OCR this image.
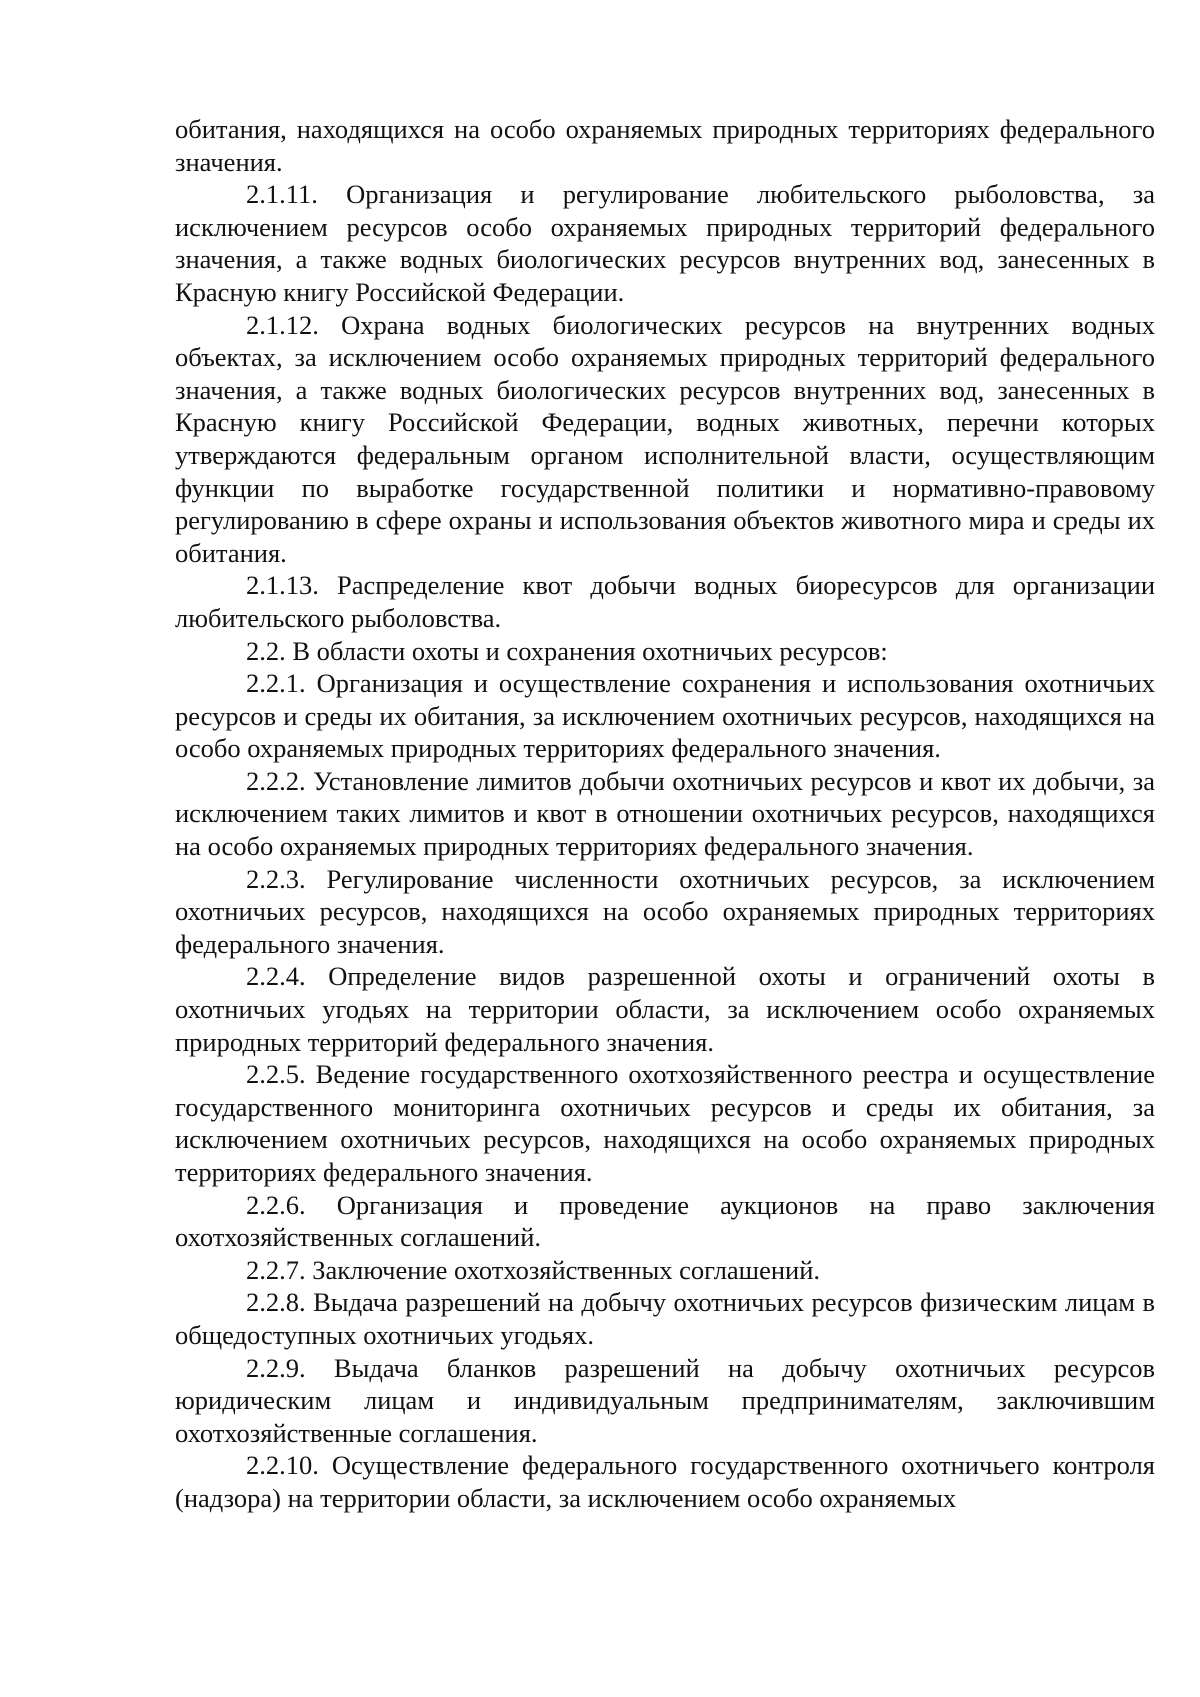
обитания, находящихся на особо охраняемых природных территориях федерального значения.

2.1.11. Организация и регулирование любительского рыболовства, за исключением ресурсов особо охраняемых природных территорий федерального значения, а также водных биологических ресурсов внутренних вод, занесенных в Красную книгу Российской Федерации.

2.1.12. Охрана водных биологических ресурсов на внутренних водных объектах, за исключением особо охраняемых природных территорий федерального значения, а также водных биологических ресурсов внутренних вод, занесенных в Красную книгу Российской Федерации, водных животных, перечни которых утверждаются федеральным органом исполнительной власти, осуществляющим функции по выработке государственной политики и нормативно-правовому регулированию в сфере охраны и использования объектов животного мира и среды их обитания.

2.1.13. Распределение квот добычи водных биоресурсов для организации любительского рыболовства.

2.2. В области охоты и сохранения охотничьих ресурсов:

2.2.1. Организация и осуществление сохранения и использования охотничьих ресурсов и среды их обитания, за исключением охотничьих ресурсов, находящихся на особо охраняемых природных территориях федерального значения.

2.2.2. Установление лимитов добычи охотничьих ресурсов и квот их добычи, за исключением таких лимитов и квот в отношении охотничьих ресурсов, находящихся на особо охраняемых природных территориях федерального значения.

2.2.3. Регулирование численности охотничьих ресурсов, за исключением охотничьих ресурсов, находящихся на особо охраняемых природных территориях федерального значения.

2.2.4. Определение видов разрешенной охоты и ограничений охоты в охотничьих угодьях на территории области, за исключением особо охраняемых природных территорий федерального значения.

2.2.5. Ведение государственного охотхозяйственного реестра и осуществление государственного мониторинга охотничьих ресурсов и среды их обитания, за исключением охотничьих ресурсов, находящихся на особо охраняемых природных территориях федерального значения.

2.2.6. Организация и проведение аукционов на право заключения охотхозяйственных соглашений.

2.2.7. Заключение охотхозяйственных соглашений.

2.2.8. Выдача разрешений на добычу охотничьих ресурсов физическим лицам в общедоступных охотничьих угодьях.

2.2.9. Выдача бланков разрешений на добычу охотничьих ресурсов юридическим лицам и индивидуальным предпринимателям, заключившим охотхозяйственные соглашения.

2.2.10. Осуществление федерального государственного охотничьего контроля (надзора) на территории области, за исключением особо охраняемых
